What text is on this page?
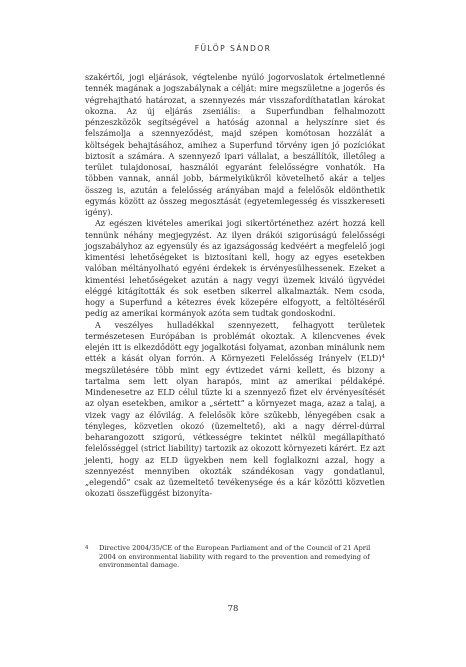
FÜLÖP SÁNDOR

szakértői, jogi eljárások, végtelenbe nyúló jogorvoslatok értelmetlenné tennék magának a jogszabálynak a célját: mire megszületne a jogerős és végrehajtható határozat, a szennyezés már visszafordíthatatlan károkat okozna. Az új eljárás zseniális: a Superfundban felhalmozott pénzeszközök segítségével a hatóság azonnal a helyszínre siet és felszámolja a szennyeződést, majd szépen komótosan hozzálát a költségek behajtásához, amihez a Superfund törvény igen jó pozíciókat biztosít a számára. A szennyező ipari vállalat, a beszállítók, illetőleg a terület tulajdonosai, használói egyaránt felelősségre vonhatók. Ha többen vannak, annál jobb, bármelyikükről követelhető akár a teljes összeg is, azután a felelősség arányában majd a felelősök eldönthetik egymás között az összeg megosztását (egyetemlegesség és visszkereseti igény).

Az egészen kivételes amerikai jogi sikertörténethez azért hozzá kell tennünk néhány megjegyzést. Az ilyen drákói szigorúságú felelősségi jogszabályhoz az egyensúly és az igazságosság kedvéért a megfelelő jogi kimentési lehetőségeket is biztosítani kell, hogy az egyes esetekben valóban méltányolható egyéni érdekek is érvényesülhessenek. Ezeket a kimentési lehetőségeket azután a nagy vegyi üzemek kiváló ügyvédei eléggé kitágították és sok esetben sikerrel alkalmazták. Nem csoda, hogy a Superfund a kétezres évek közepére elfogyott, a feltöltéséről pedig az amerikai kormányok azóta sem tudtak gondoskodni.

A veszélyes hulladékkal szennyezett, felhagyott területek természetesen Európában is problémát okoztak. A kilencvenes évek elején itt is elkezdődött egy jogalkotási folyamat, azonban minálunk nem ették a kását olyan forrón. A Környezeti Felelősség Irányelv (ELD)$^4$ megszületésére több mint egy évtizedet várni kellett, és bizony a tartalma sem lett olyan harapós, mint az amerikai példaképé. Mindenesetre az ELD célul tűzte ki a szennyező fizet elv érvényesítését az olyan esetekben, amikor a „sértett” a környezet maga, azaz a talaj, a vizek vagy az élővilág. A felelősök köre szűkebb, lényegében csak a tényleges, közvetlen okozó (üzemeltető), aki a nagy dérrel-dúrral beharangozott szigorú, vétkességre tekintet nélkül megállapítható felelősséggel (strict liability) tartozik az okozott környezeti kárért. Ez azt jelenti, hogy az ELD ügyekben nem kell foglalkozni azzal, hogy a szennyezést mennyiben okozták szándékosan vagy gondatlanul, „elegendő” csak az üzemeltető tevékenysége és a kár közötti közvetlen okozati összefüggést bizonyíta-

4	Directive 2004/35/CE of the European Parliament and of the Council of 21 April 2004 on environmental liability with regard to the prevention and remedying of environmental damage.
78
